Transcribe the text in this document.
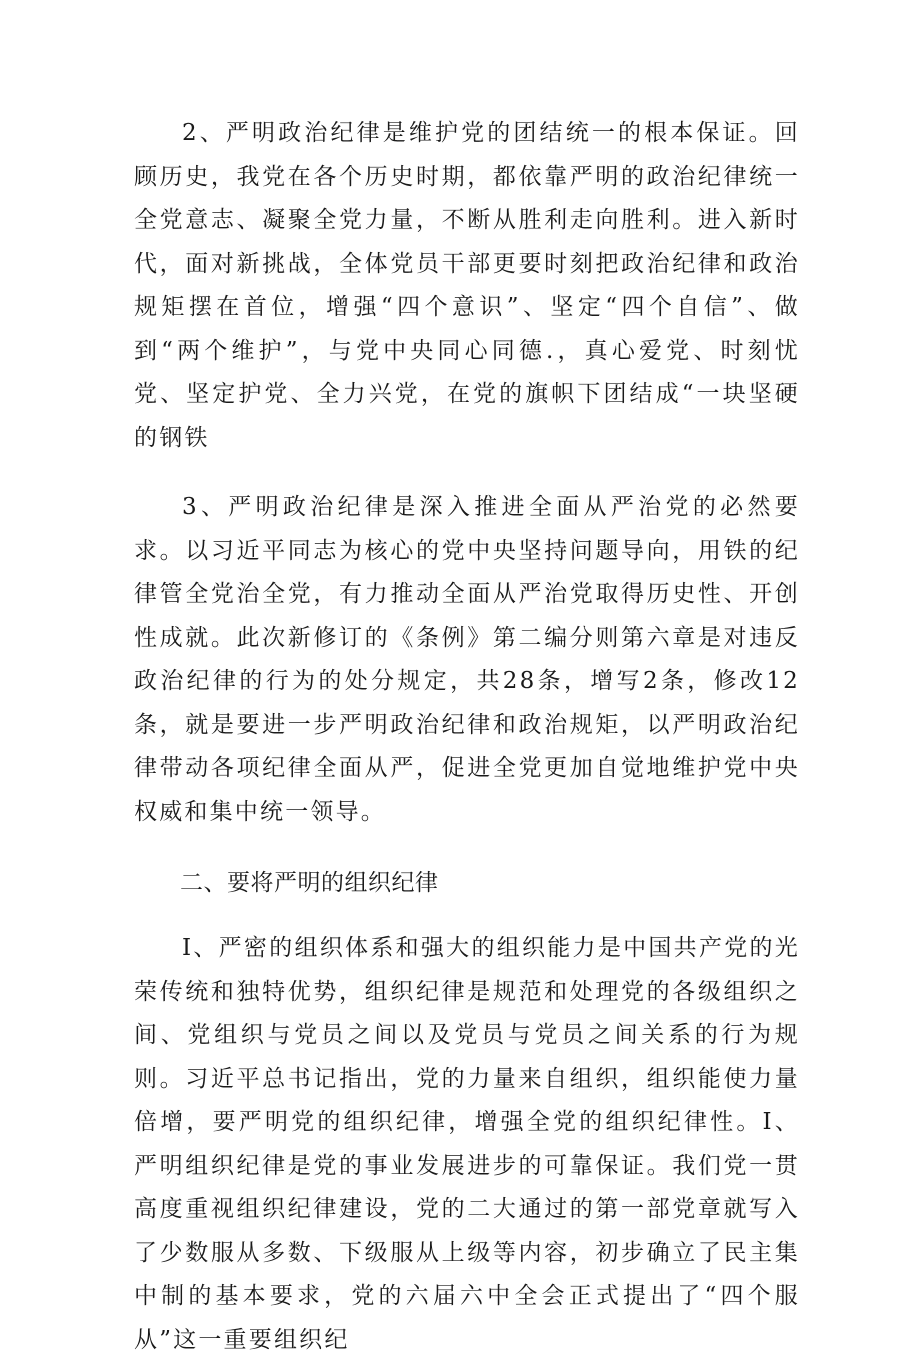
2、严明政治纪律是维护党的团结统一的根本保证。回顾历史，我党在各个历史时期，都依靠严明的政治纪律统一全党意志、凝聚全党力量，不断从胜利走向胜利。进入新时代，面对新挑战，全体党员干部更要时刻把政治纪律和政治规矩摆在首位，增强“四个意识”、坚定“四个自信”、做到“两个维护”，与党中央同心同德.，真心爱党、时刻忧党、坚定护党、全力兴党，在党的旗帜下团结成“一块坚硬的钢铁

3、严明政治纪律是深入推进全面从严治党的必然要求。以习近平同志为核心的党中央坚持问题导向，用铁的纪律管全党治全党，有力推动全面从严治党取得历史性、开创性成就。此次新修订的《条例》第二编分则第六章是对违反政治纪律的行为的处分规定，共28条，增写2条，修改12条，就是要进一步严明政治纪律和政治规矩，以严明政治纪律带动各项纪律全面从严，促进全党更加自觉地维护党中央权威和集中统一领导。

二、要将严明的组织纪律

I、严密的组织体系和强大的组织能力是中国共产党的光荣传统和独特优势，组织纪律是规范和处理党的各级组织之间、党组织与党员之间以及党员与党员之间关系的行为规则。习近平总书记指出，党的力量来自组织，组织能使力量倍增，要严明党的组织纪律，增强全党的组织纪律性。I、严明组织纪律是党的事业发展进步的可靠保证。我们党一贯高度重视组织纪律建设，党的二大通过的第一部党章就写入了少数服从多数、下级服从上级等内容，初步确立了民主集中制的基本要求，党的六届六中全会正式提出了“四个服从”这一重要组织纪
